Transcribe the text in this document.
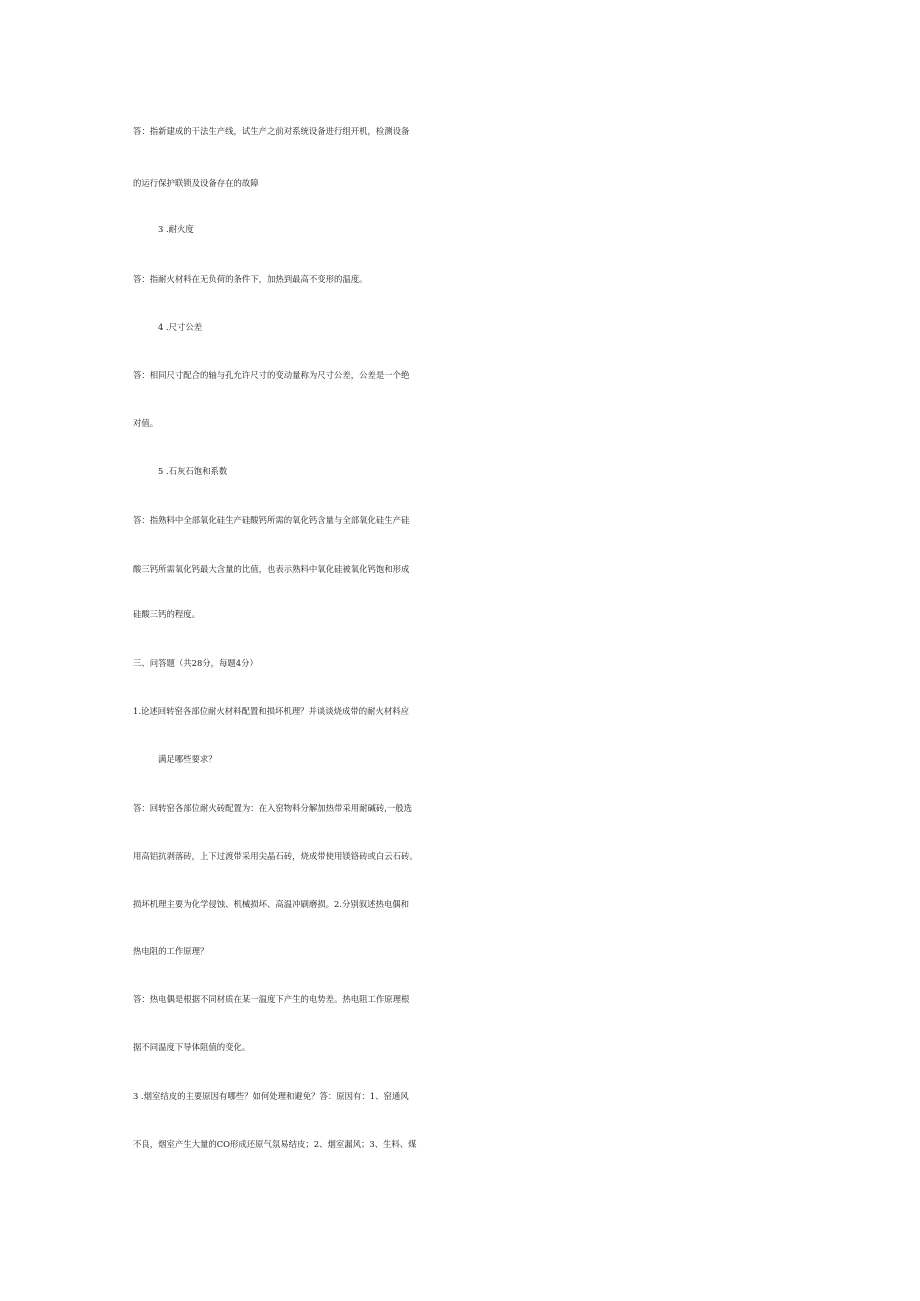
答：指新建成的干法生产线，试生产之前对系统设备进行组开机，检测设备
的运行保护联锁及设备存在的故障
3 .耐火度
答：指耐火材料在无负荷的条件下，加热到最高不变形的温度。
4 .尺寸公差
答：相同尺寸配合的轴与孔允许尺寸的变动量称为尺寸公差，公差是一个绝
对值。
5 .石灰石饱和系数
答：指熟料中全部氧化硅生产硅酸钙所需的氧化钙含量与全部氧化硅生产硅
酸三钙所需氧化钙最大含量的比值，也表示熟料中氧化硅被氧化钙饱和形成
硅酸三钙的程度。
三、问答题（共28分，每题4分）
1.论述回转窑各部位耐火材料配置和损坏机理？并谈谈烧成带的耐火材料应
满足哪些要求？
答：回转窑各部位耐火砖配置为：在入窑物料分解加热带采用耐碱砖,一般选
用高铝抗剥落砖，上下过渡带采用尖晶石砖，烧成带使用镁铬砖或白云石砖。
损坏机理主要为化学侵蚀、机械损坏、高温冲刷磨损。2.分别叙述热电偶和
热电阻的工作原理？
答：热电偶是根据不同材质在某一温度下产生的电势差。热电阻工作原理根
据不同温度下导体阻值的变化。
3 .烟室结皮的主要原因有哪些？如何处理和避免？答：原因有：1、窑通风
不良，烟室产生大量的CO形成还原气氛易结皮；2、烟室漏风；3、生料、煤
